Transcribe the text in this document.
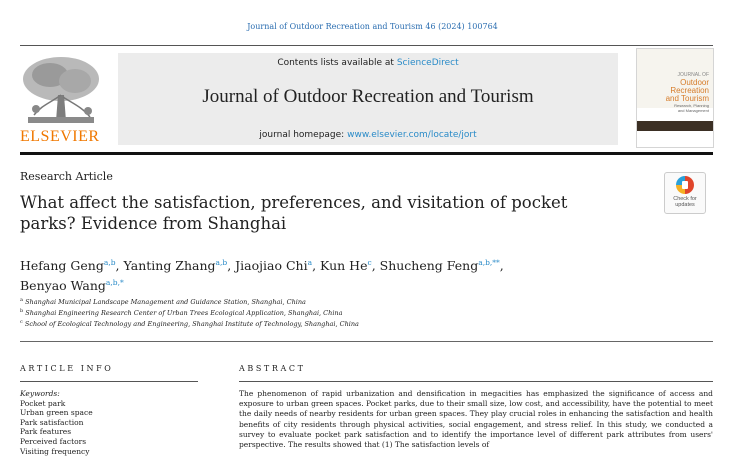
Journal of Outdoor Recreation and Tourism 46 (2024) 100764
ELSEVIER
Contents lists available at ScienceDirect
Journal of Outdoor Recreation and Tourism
journal homepage: www.elsevier.com/locate/jort
JOURNAL OF
Outdoor
Recreation
and Tourism
Research, Planning
and Management
Research Article
What affect the satisfaction, preferences, and visitation of pocket parks? Evidence from Shanghai
Check for
updates
Hefang Geng$^{a,b}$, Yanting Zhang$^{a,b}$, Jiaojiao Chi$^a$, Kun He$^c$, Shucheng Feng$^{a,b,**}$,
Benyao Wang$^{a,b,*}$
$^a$ Shanghai Municipal Landscape Management and Guidance Station, Shanghai, China
$^b$ Shanghai Engineering Research Center of Urban Trees Ecological Application, Shanghai, China
$^c$ School of Ecological Technology and Engineering, Shanghai Institute of Technology, Shanghai, China
ARTICLE INFO	ABSTRACT
Keywords:
Pocket park
Urban green space
Park satisfaction
Park features
Perceived factors
Visiting frequency
The phenomenon of rapid urbanization and densification in megacities has emphasized the significance of access and exposure to urban green spaces. Pocket parks, due to their small size, low cost, and accessibility, have the potential to meet the daily needs of nearby residents for urban green spaces. They play crucial roles in enhancing the satisfaction and health benefits of city residents through physical activities, social engagement, and stress relief. In this study, we conducted a survey to evaluate pocket park satisfaction and to identify the importance level of different park attributes from users' perspective. The results showed that (1) The satisfaction levels of
